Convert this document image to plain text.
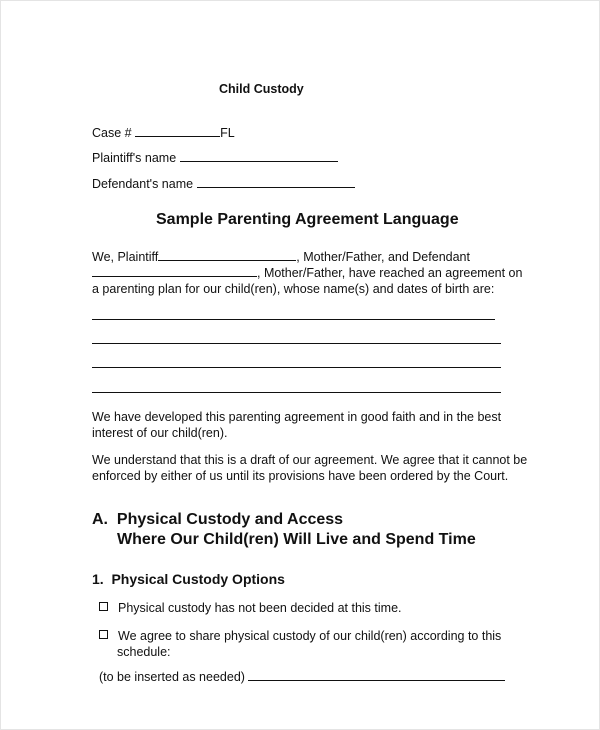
Child Custody
Case #	FL
Plaintiff's name
Defendant's name
Sample Parenting Agreement Language
We, Plaintiff	, Mother/Father, and Defendant
, Mother/Father, have reached an agreement on
a parenting plan for our child(ren), whose name(s) and dates of birth are:
We have developed this parenting agreement in good faith and in the best
interest of our child(ren).
We understand that this is a draft of our agreement. We agree that it cannot be
enforced by either of us until its provisions have been ordered by the Court.
A.  Physical Custody and Access
Where Our Child(ren) Will Live and Spend Time
1.  Physical Custody Options
Physical custody has not been decided at this time.
We agree to share physical custody of our child(ren) according to this
schedule:
(to be inserted as needed)
